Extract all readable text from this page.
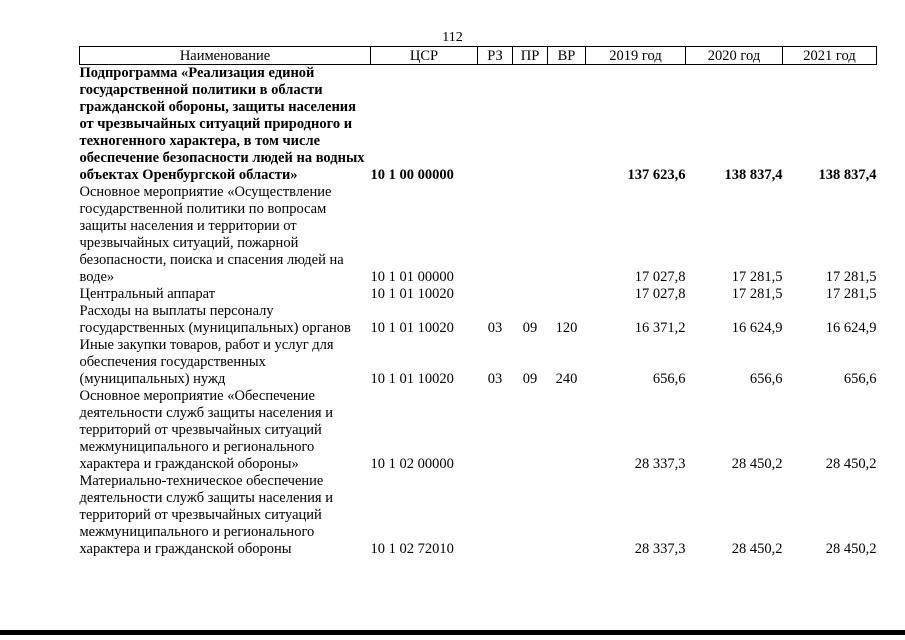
112
Наименование	ЦСР	РЗ	ПР	ВР	2019 год	2020 год	2021 год
Подпрограмма «Реализация единой государственной политики в области гражданской обороны, защиты населения от чрезвычайных ситуаций природного и техногенного характера, в том числе обеспечение безопасности людей на водных объектах Оренбургской области»	10 1 00 00000				137 623,6	138 837,4	138 837,4
Основное мероприятие «Осуществление государственной политики по вопросам защиты населения и территории от чрезвычайных ситуаций, пожарной безопасности, поиска и спасения людей на воде»	10 1 01 00000				17 027,8	17 281,5	17 281,5
Центральный аппарат	10 1 01 10020				17 027,8	17 281,5	17 281,5
Расходы на выплаты персоналу государственных (муниципальных) органов	10 1 01 10020	03	09	120	16 371,2	16 624,9	16 624,9
Иные закупки товаров, работ и услуг для обеспечения государственных (муниципальных) нужд	10 1 01 10020	03	09	240	656,6	656,6	656,6
Основное мероприятие «Обеспечение деятельности служб защиты населения и территорий от чрезвычайных ситуаций межмуниципального и регионального характера и гражданской обороны»	10 1 02 00000				28 337,3	28 450,2	28 450,2
Материально-техническое обеспечение деятельности служб защиты населения и территорий от чрезвычайных ситуаций межмуниципального и регионального характера и гражданской обороны	10 1 02 72010				28 337,3	28 450,2	28 450,2
